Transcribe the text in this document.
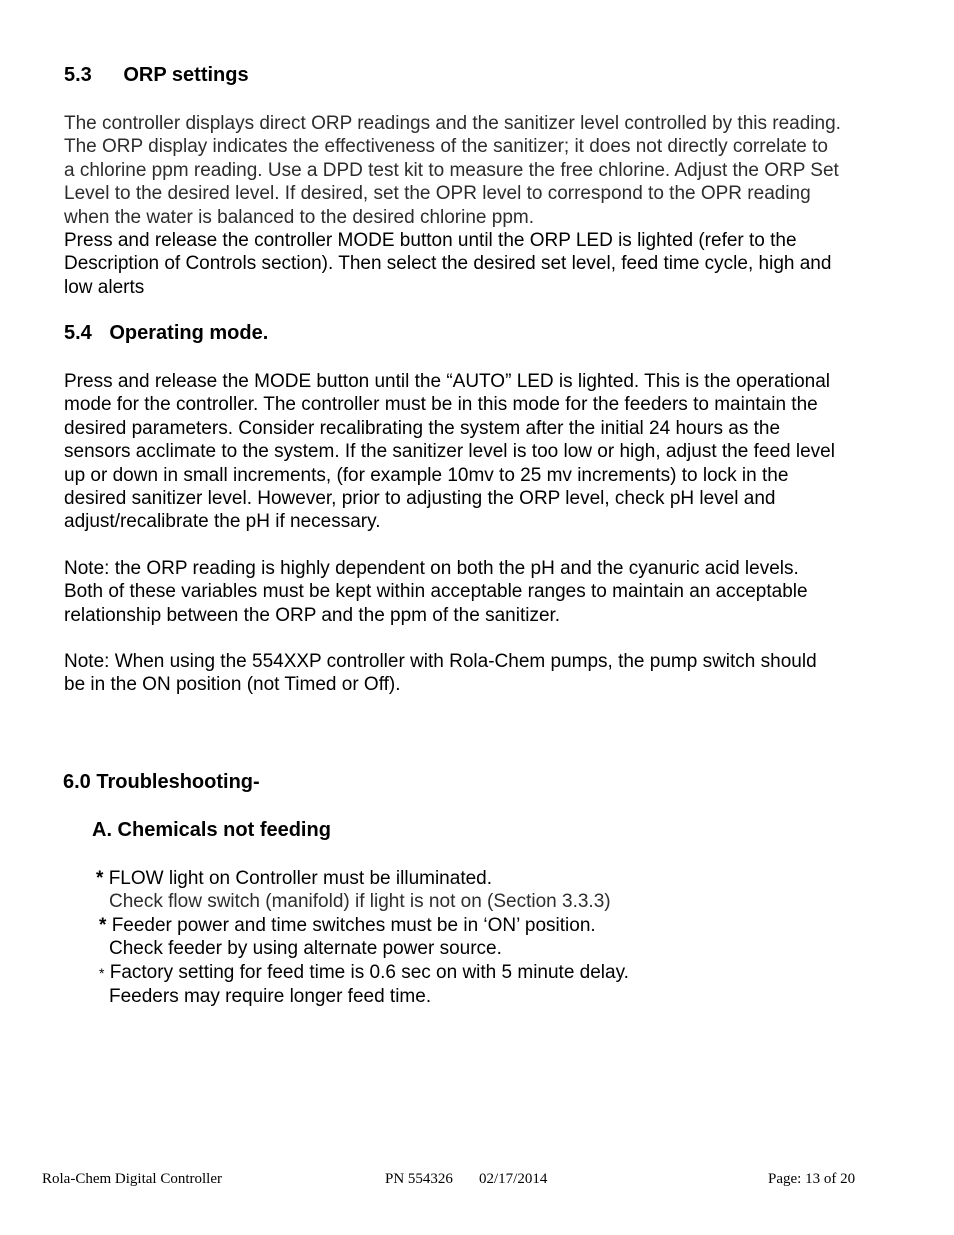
5.3 ORP settings
The controller displays direct ORP readings and the sanitizer level controlled by this reading.
The ORP display indicates the effectiveness of the sanitizer; it does not directly correlate to
a chlorine ppm reading. Use a DPD test kit to measure the free chlorine. Adjust the ORP Set
Level to the desired level. If desired, set the OPR level to correspond to the OPR reading
when the water is balanced to the desired chlorine ppm.
Press and release the controller MODE button until the ORP LED is lighted (refer to the
Description of Controls section). Then select the desired set level, feed time cycle, high and
low alerts
5.4 Operating mode.
Press and release the MODE button until the “AUTO” LED is lighted. This is the operational
mode for the controller. The controller must be in this mode for the feeders to maintain the
desired parameters. Consider recalibrating the system after the initial 24 hours as the
sensors acclimate to the system. If the sanitizer level is too low or high, adjust the feed level
up or down in small increments, (for example 10mv to 25 mv increments) to lock in the
desired sanitizer level. However, prior to adjusting the ORP level, check pH level and
adjust/recalibrate the pH if necessary.
Note: the ORP reading is highly dependent on both the pH and the cyanuric acid levels.
Both of these variables must be kept within acceptable ranges to maintain an acceptable
relationship between the ORP and the ppm of the sanitizer.
Note: When using the 554XXP controller with Rola-Chem pumps, the pump switch should
be in the ON position (not Timed or Off).
6.0 Troubleshooting-
A. Chemicals not feeding
* FLOW light on Controller must be illuminated.
Check flow switch (manifold) if light is not on (Section 3.3.3)
* Feeder power and time switches must be in ‘ON’ position.
Check feeder by using alternate power source.
* Factory setting for feed time is 0.6 sec on with 5 minute delay.
Feeders may require longer feed time.
Rola-Chem Digital Controller	PN 554326 02/17/2014	Page: 13 of 20
